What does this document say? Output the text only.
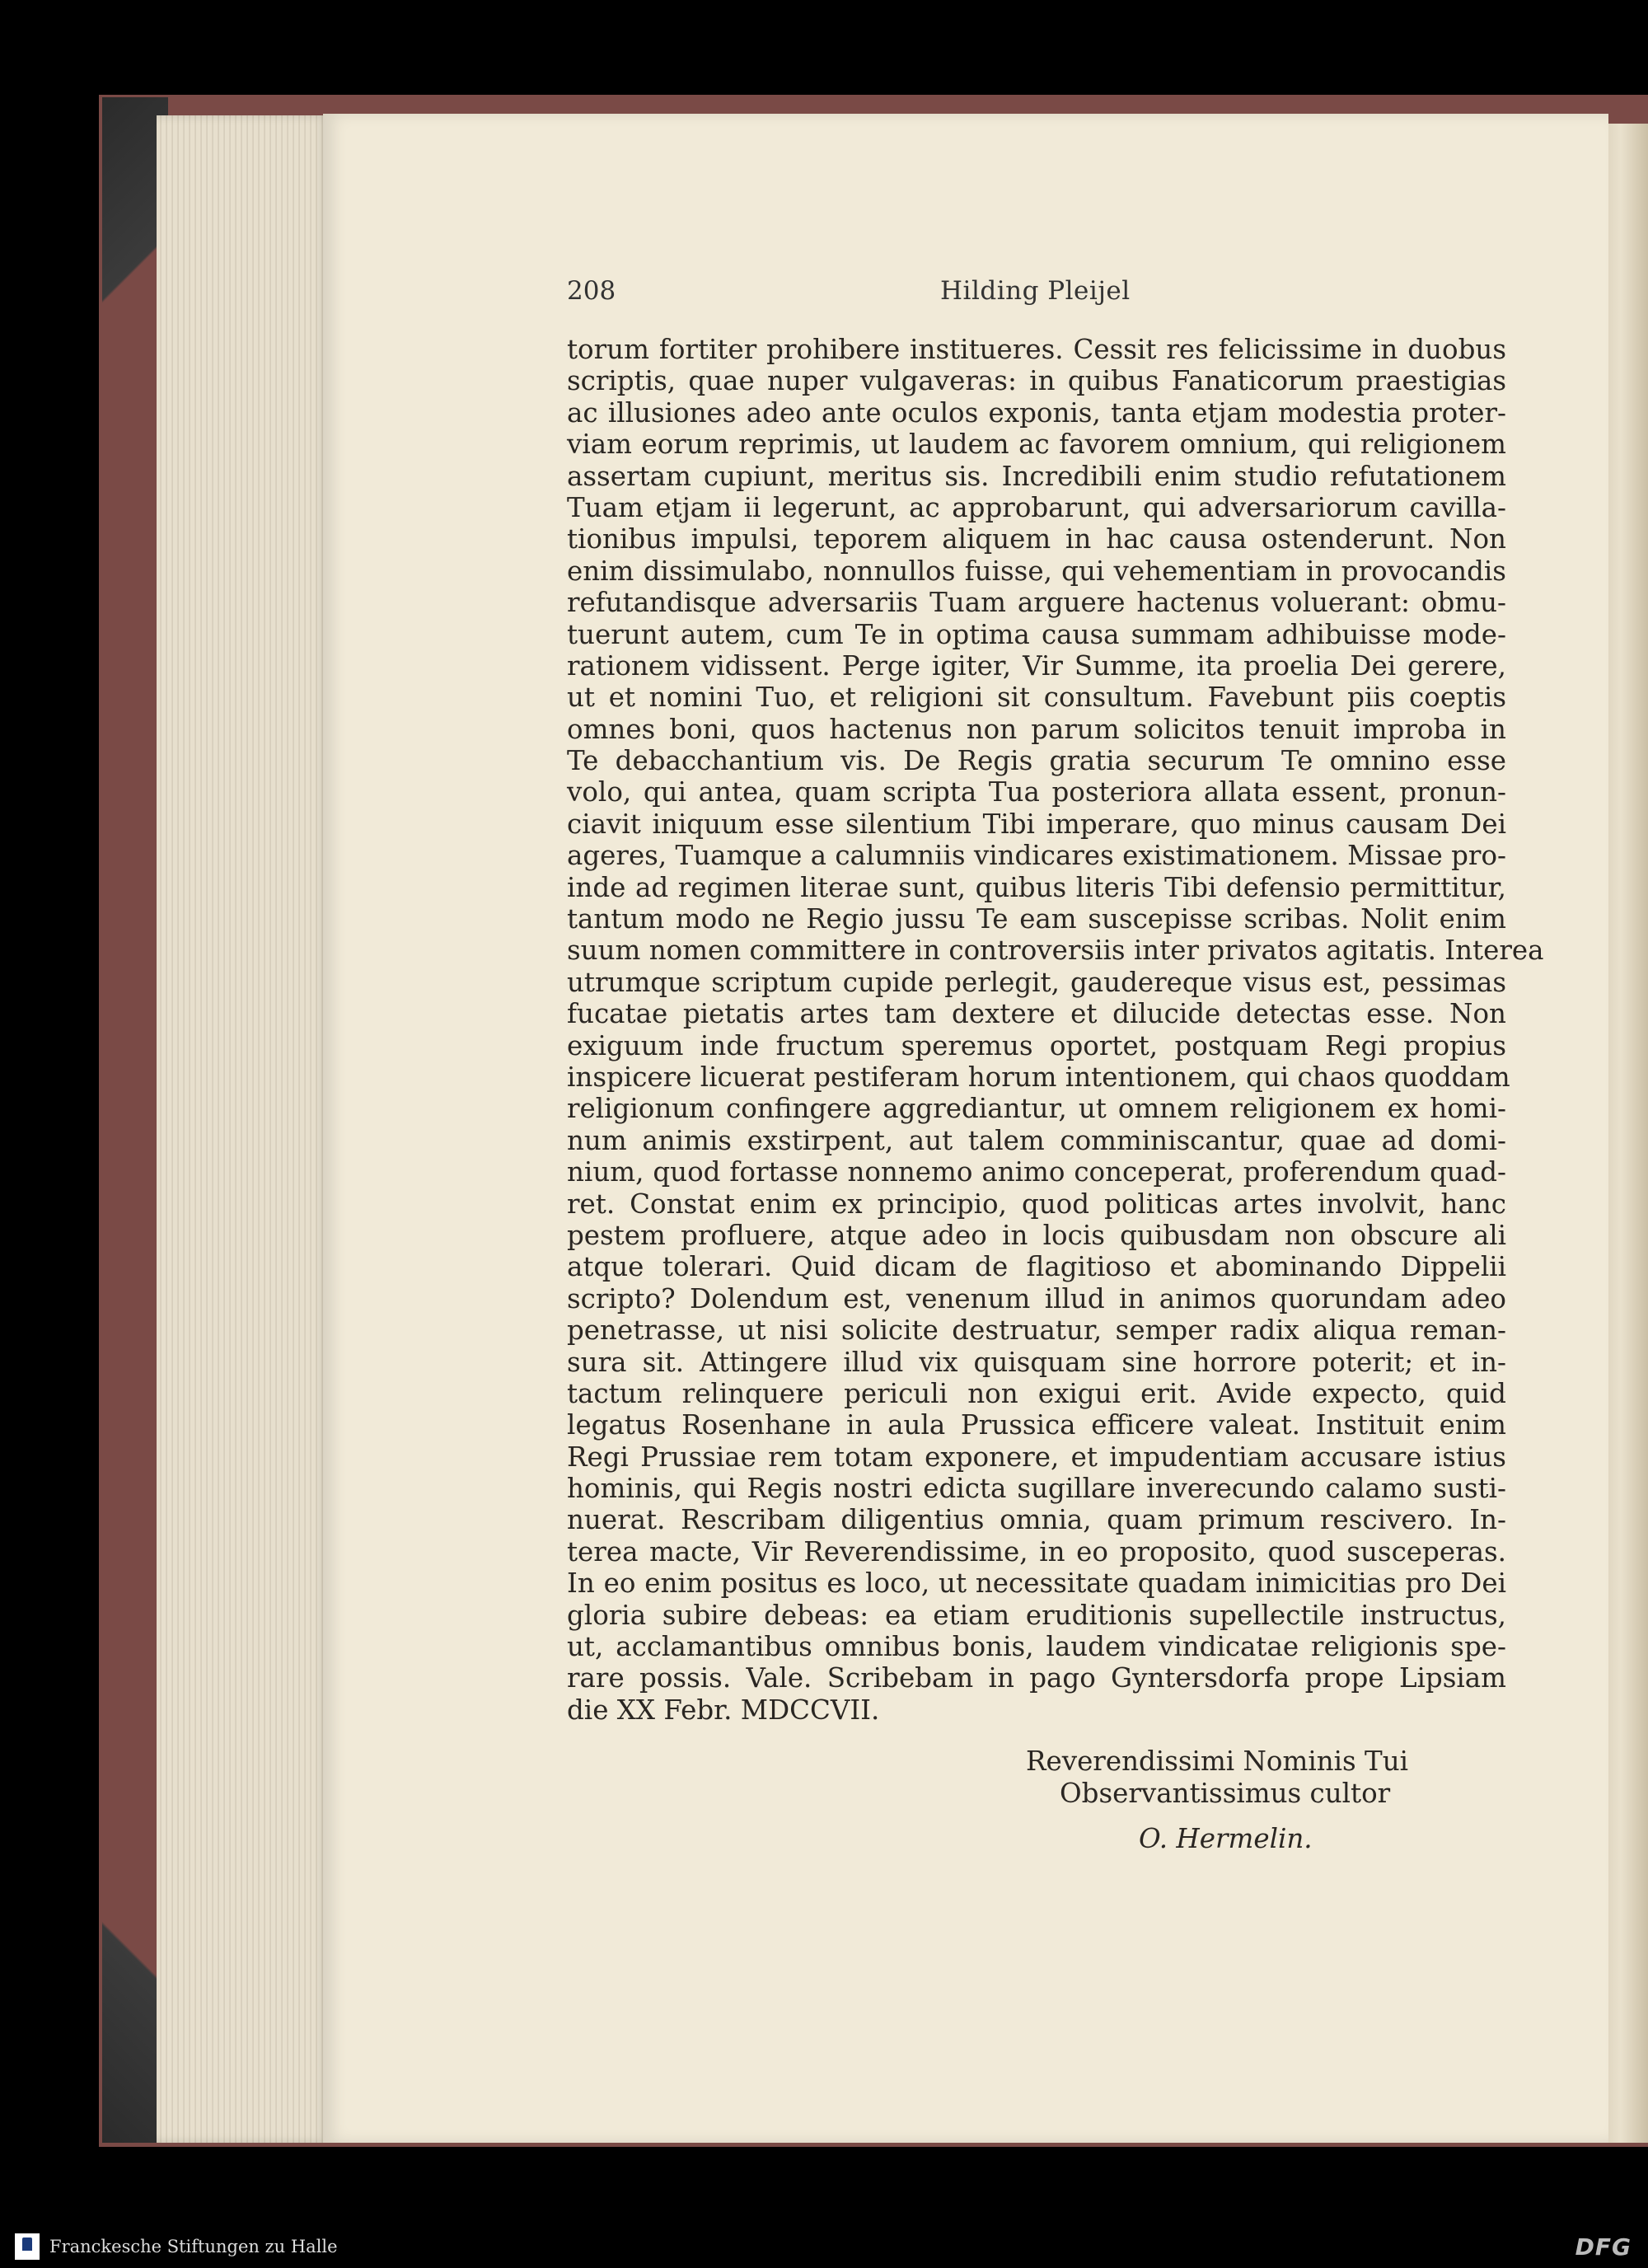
208	Hilding Pleijel
torum fortiter prohibere institueres. Cessit res felicissime in duobus
scriptis, quae nuper vulgaveras: in quibus Fanaticorum praestigias
ac illusiones adeo ante oculos exponis, tanta etjam modestia proter-
viam eorum reprimis, ut laudem ac favorem omnium, qui religionem
assertam cupiunt, meritus sis. Incredibili enim studio refutationem
Tuam etjam ii legerunt, ac approbarunt, qui adversariorum cavilla-
tionibus impulsi, teporem aliquem in hac causa ostenderunt. Non
enim dissimulabo, nonnullos fuisse, qui vehementiam in provocandis
refutandisque adversariis Tuam arguere hactenus voluerant: obmu-
tuerunt autem, cum Te in optima causa summam adhibuisse mode-
rationem vidissent. Perge igiter, Vir Summe, ita proelia Dei gerere,
ut et nomini Tuo, et religioni sit consultum. Favebunt piis coeptis
omnes boni, quos hactenus non parum solicitos tenuit improba in
Te debacchantium vis. De Regis gratia securum Te omnino esse
volo, qui antea, quam scripta Tua posteriora allata essent, pronun-
ciavit iniquum esse silentium Tibi imperare, quo minus causam Dei
ageres, Tuamque a calumniis vindicares existimationem. Missae pro-
inde ad regimen literae sunt, quibus literis Tibi defensio permittitur,
tantum modo ne Regio jussu Te eam suscepisse scribas. Nolit enim
suum nomen committere in controversiis inter privatos agitatis. Interea
utrumque scriptum cupide perlegit, gaudereque visus est, pessimas
fucatae pietatis artes tam dextere et dilucide detectas esse. Non
exiguum inde fructum speremus oportet, postquam Regi propius
inspicere licuerat pestiferam horum intentionem, qui chaos quoddam
religionum confingere aggrediantur, ut omnem religionem ex homi-
num animis exstirpent, aut talem comminiscantur, quae ad domi-
nium, quod fortasse nonnemo animo conceperat, proferendum quad-
ret. Constat enim ex principio, quod politicas artes involvit, hanc
pestem profluere, atque adeo in locis quibusdam non obscure ali
atque tolerari. Quid dicam de flagitioso et abominando Dippelii
scripto? Dolendum est, venenum illud in animos quorundam adeo
penetrasse, ut nisi solicite destruatur, semper radix aliqua reman-
sura sit. Attingere illud vix quisquam sine horrore poterit; et in-
tactum relinquere periculi non exigui erit. Avide expecto, quid
legatus Rosenhane in aula Prussica efficere valeat. Instituit enim
Regi Prussiae rem totam exponere, et impudentiam accusare istius
hominis, qui Regis nostri edicta sugillare inverecundo calamo susti-
nuerat. Rescribam diligentius omnia, quam primum rescivero. In-
terea macte, Vir Reverendissime, in eo proposito, quod susceperas.
In eo enim positus es loco, ut necessitate quadam inimicitias pro Dei
gloria subire debeas: ea etiam eruditionis supellectile instructus,
ut, acclamantibus omnibus bonis, laudem vindicatae religionis spe-
rare possis. Vale. Scribebam in pago Gyntersdorfa prope Lipsiam
die XX Febr. MDCCVII.
Reverendissimi Nominis Tui
Observantissimus cultor
O. Hermelin.
Franckesche Stiftungen zu Halle	DFG
